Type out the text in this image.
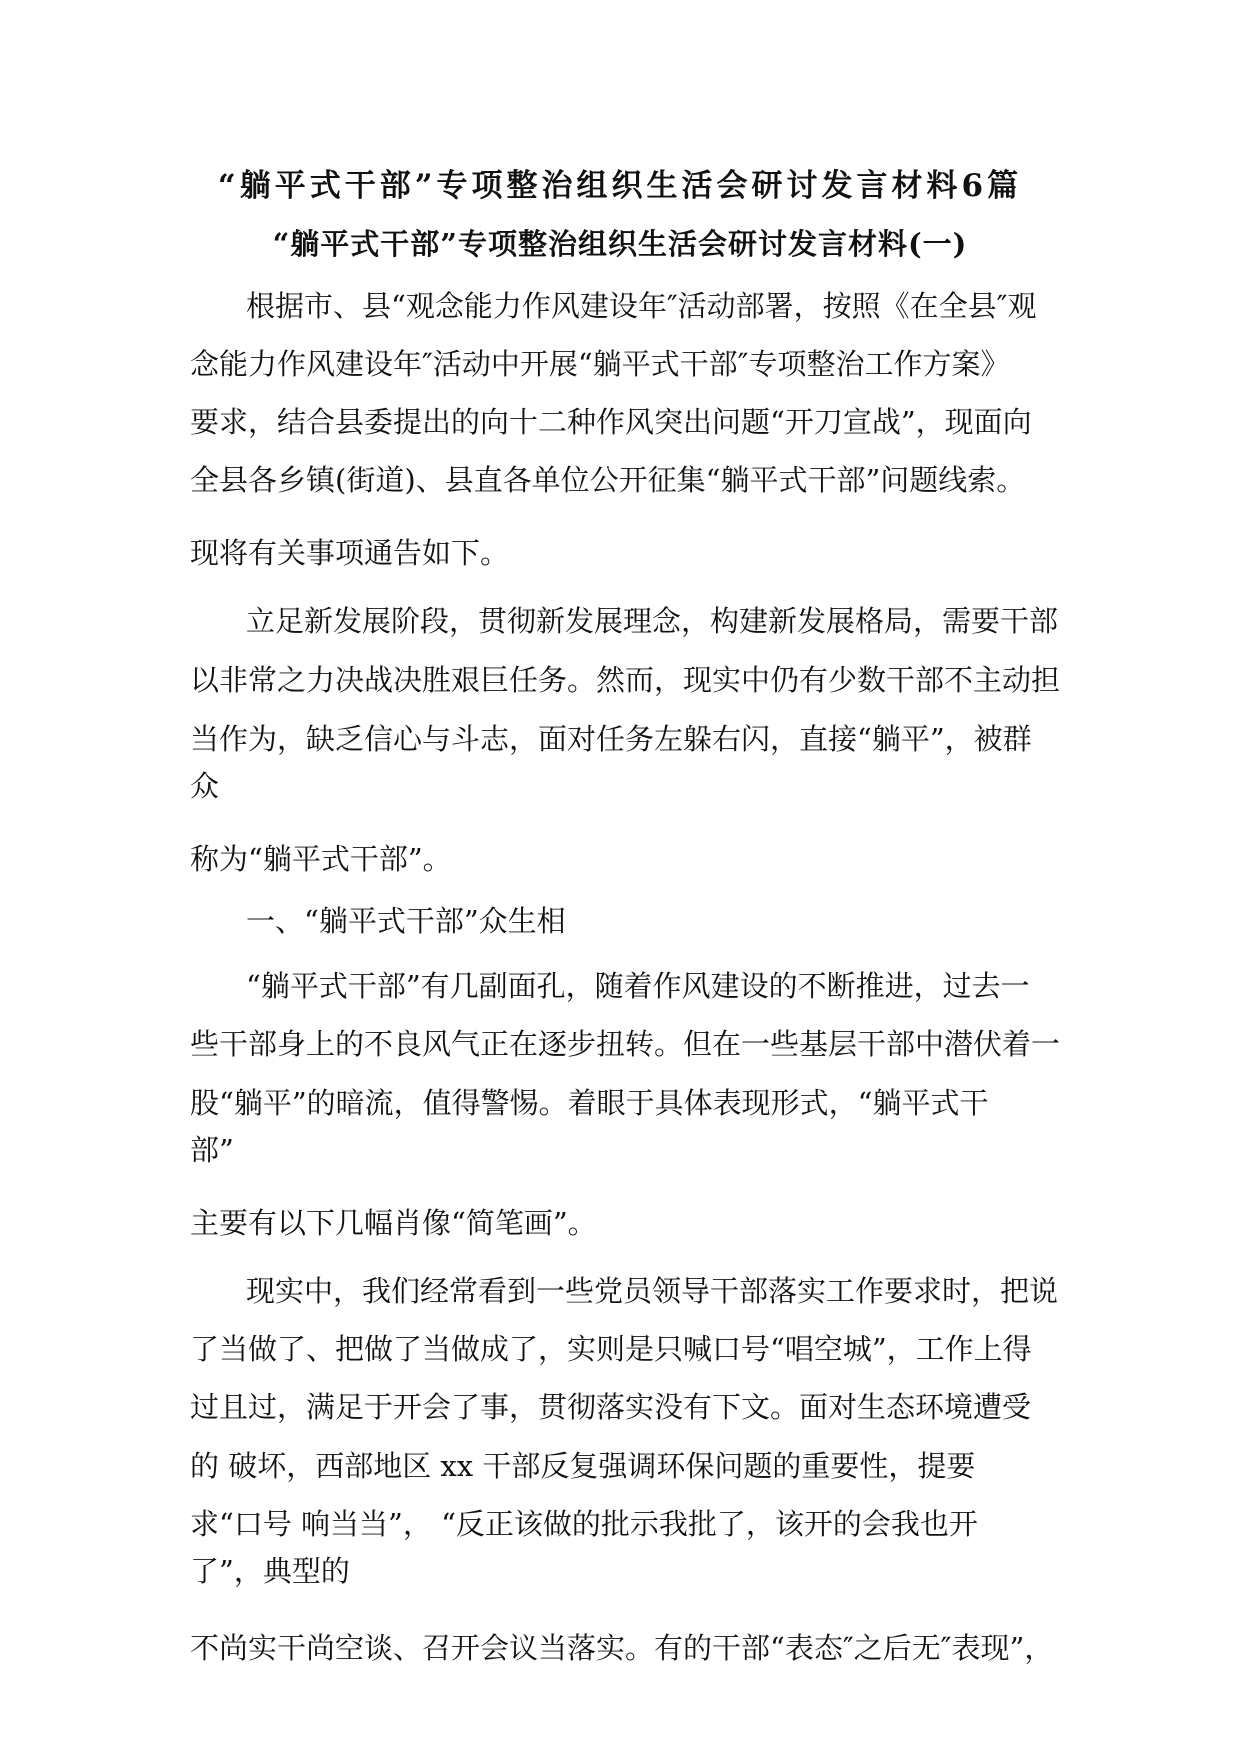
“躺平式干部”专项整治组织生活会研讨发言材料6篇
“躺平式干部”专项整治组织生活会研讨发言材料(一)
根据市、县“观念能力作风建设年″活动部署，按照《在全县″观
念能力作风建设年″活动中开展“躺平式干部″专项整治工作方案》
要求，结合县委提出的向十二种作风突出问题“开刀宣战”，现面向
全县各乡镇(街道)、县直各单位公开征集“躺平式干部”问题线索。
现将有关事项通告如下。
立足新发展阶段，贯彻新发展理念，构建新发展格局，需要干部
以非常之力决战决胜艰巨任务。然而，现实中仍有少数干部不主动担
当作为，缺乏信心与斗志，面对任务左躲右闪，直接“躺平”，被群
众
称为“躺平式干部”。
一、“躺平式干部”众生相
“躺平式干部”有几副面孔，随着作风建设的不断推进，过去一
些干部身上的不良风气正在逐步扭转。但在一些基层干部中潜伏着一
股“躺平”的暗流，值得警惕。着眼于具体表现形式，“躺平式干
部”
主要有以下几幅肖像“简笔画”。
现实中，我们经常看到一些党员领导干部落实工作要求时，把说
了当做了、把做了当做成了，实则是只喊口号“唱空城”，工作上得
过且过，满足于开会了事，贯彻落实没有下文。面对生态环境遭受
的 破坏，西部地区 xx 干部反复强调环保问题的重要性，提要
求“口号 响当当”， “反正该做的批示我批了，该开的会我也开
了”，典型的
不尚实干尚空谈、召开会议当落实。有的干部“表态″之后无″表现”，
